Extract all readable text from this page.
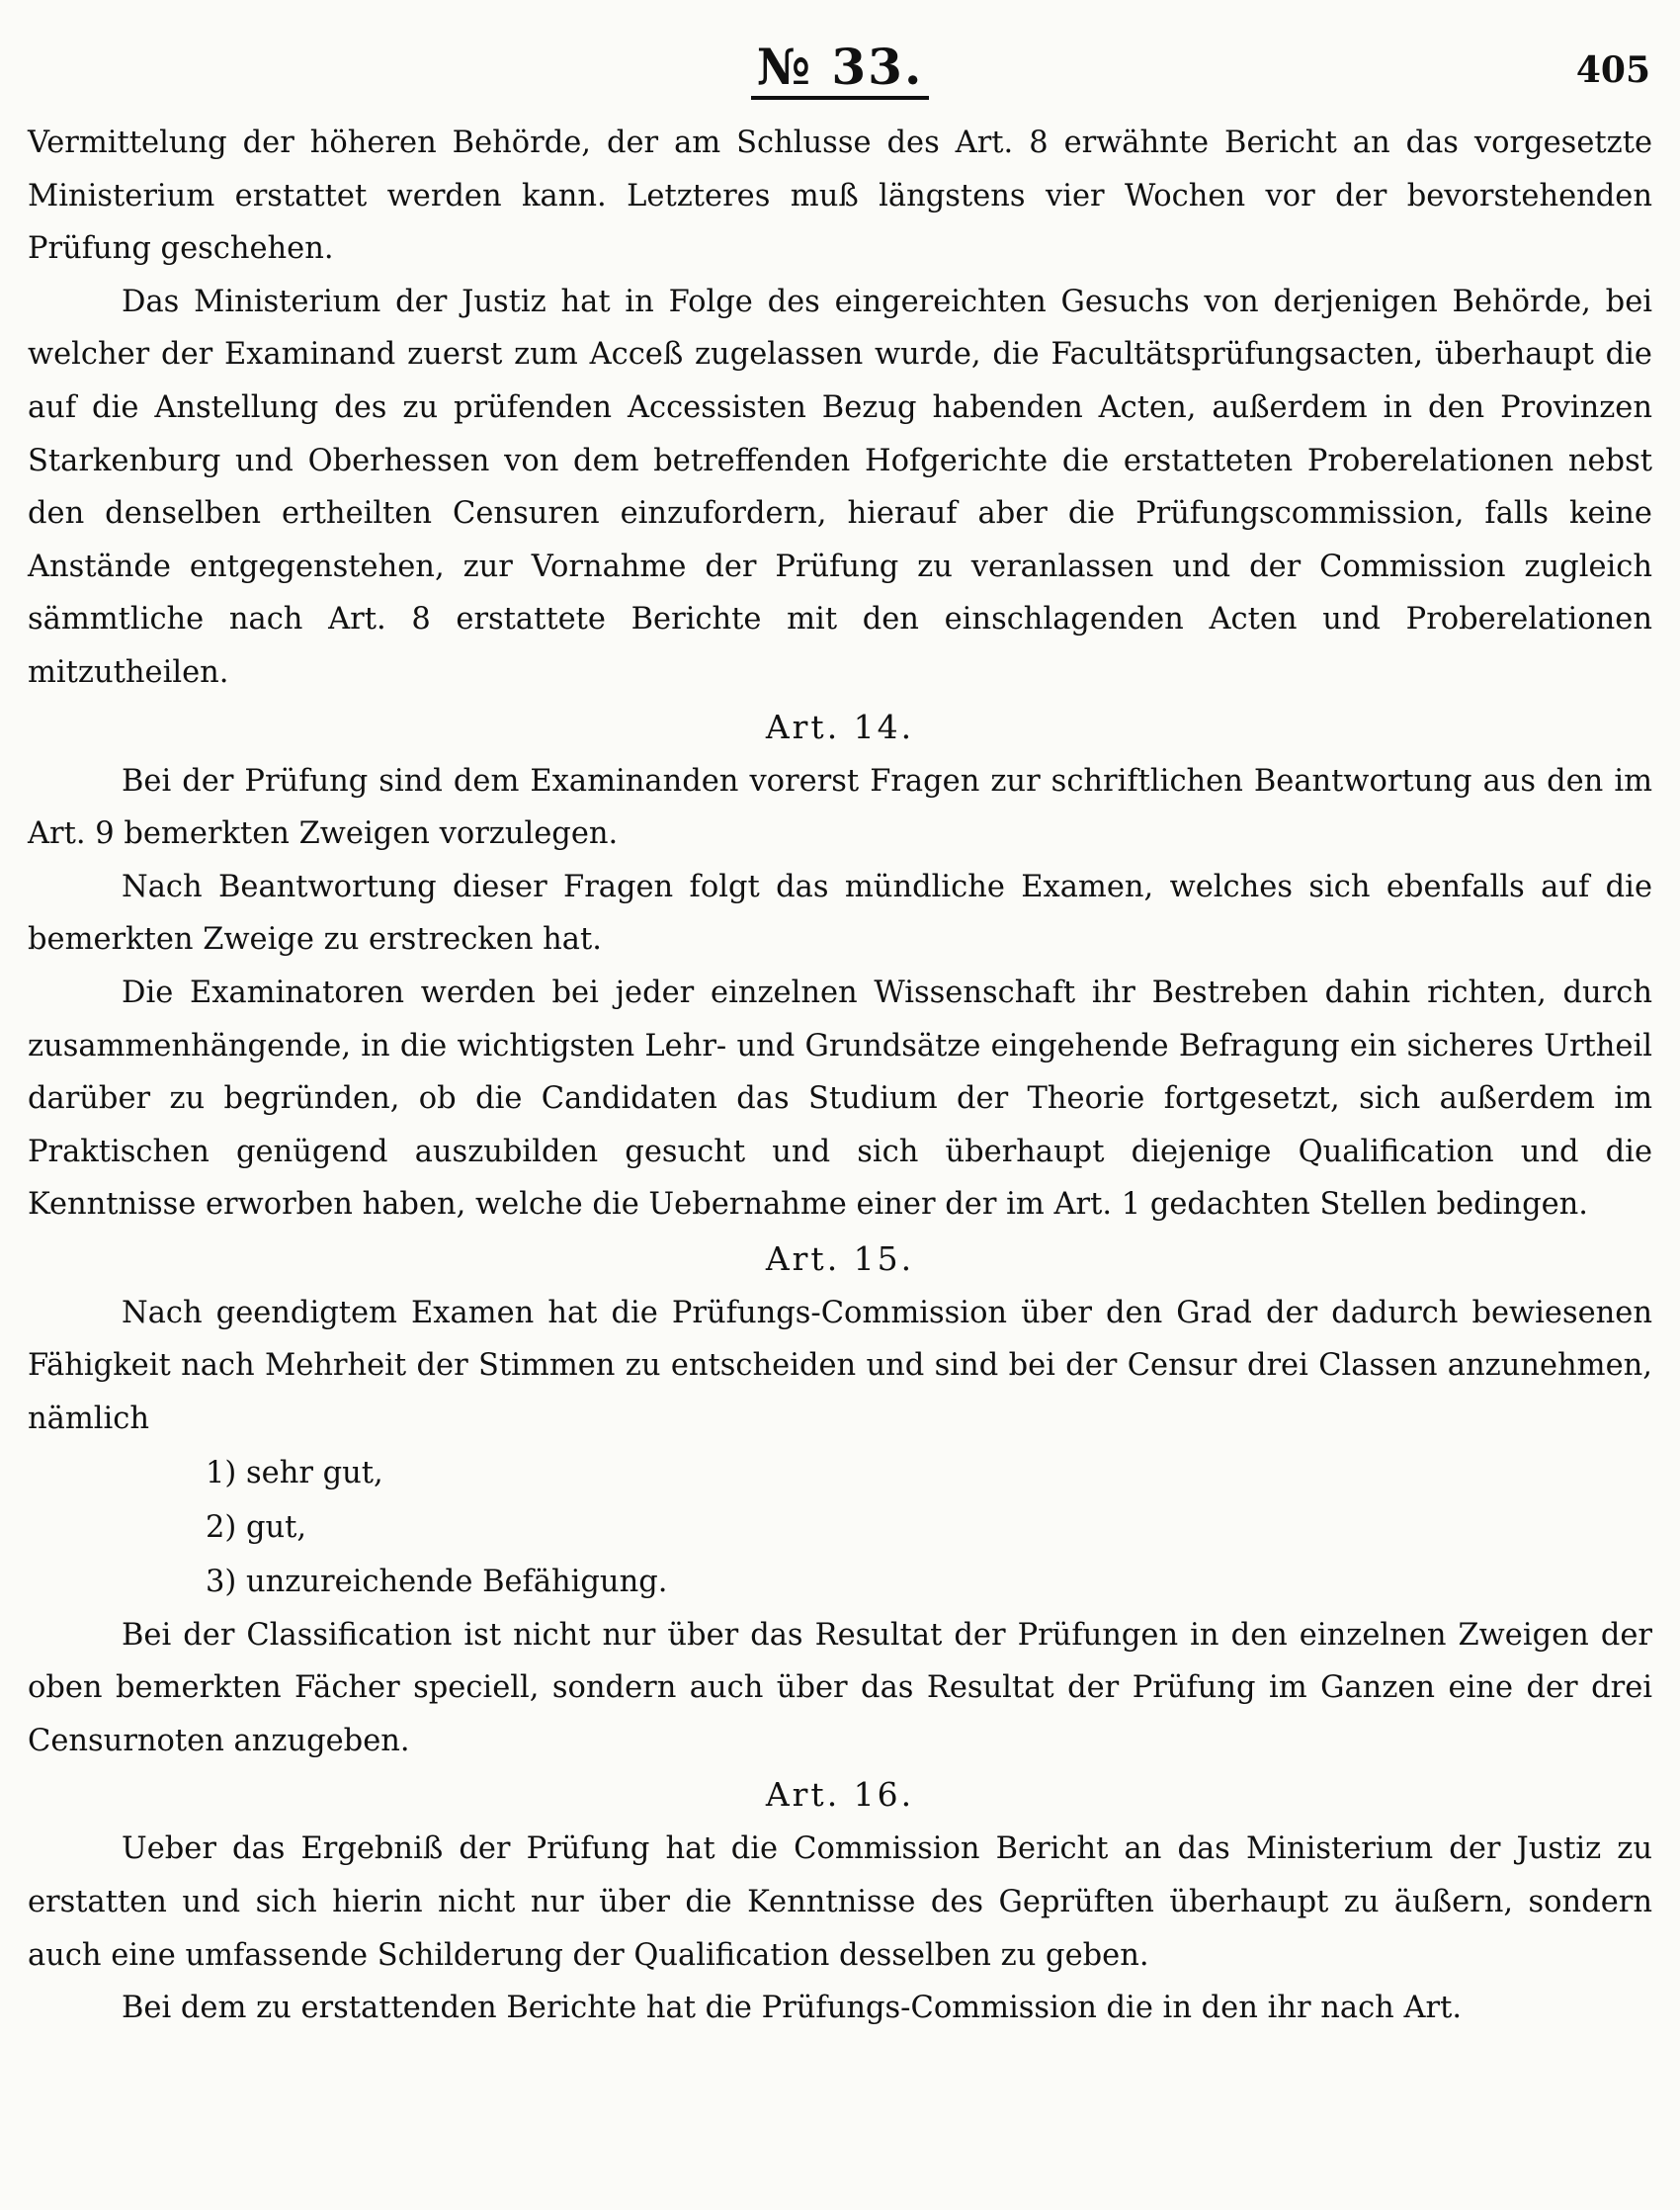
№ 33.	405

Vermittelung der höheren Behörde, der am Schlusse des Art. 8 erwähnte Bericht an das vorgesetzte Ministerium erstattet werden kann. Letzteres muß längstens vier Wochen vor der bevorstehenden Prüfung geschehen.

Das Ministerium der Justiz hat in Folge des eingereichten Gesuchs von derjenigen Behörde, bei welcher der Examinand zuerst zum Acceß zugelassen wurde, die Facultätsprüfungsacten, überhaupt die auf die Anstellung des zu prüfenden Accessisten Bezug habenden Acten, außerdem in den Provinzen Starkenburg und Oberhessen von dem betreffenden Hofgerichte die erstatteten Proberelationen nebst den denselben ertheilten Censuren einzufordern, hierauf aber die Prüfungscommission, falls keine Anstände entgegenstehen, zur Vornahme der Prüfung zu veranlassen und der Commission zugleich sämmtliche nach Art. 8 erstattete Berichte mit den einschlagenden Acten und Proberelationen mitzutheilen.

Art. 14.

Bei der Prüfung sind dem Examinanden vorerst Fragen zur schriftlichen Beantwortung aus den im Art. 9 bemerkten Zweigen vorzulegen.

Nach Beantwortung dieser Fragen folgt das mündliche Examen, welches sich ebenfalls auf die bemerkten Zweige zu erstrecken hat.

Die Examinatoren werden bei jeder einzelnen Wissenschaft ihr Bestreben dahin richten, durch zusammenhängende, in die wichtigsten Lehr- und Grundsätze eingehende Befragung ein sicheres Urtheil darüber zu begründen, ob die Candidaten das Studium der Theorie fortgesetzt, sich außerdem im Praktischen genügend auszubilden gesucht und sich überhaupt diejenige Qualification und die Kenntnisse erworben haben, welche die Uebernahme einer der im Art. 1 gedachten Stellen bedingen.

Art. 15.

Nach geendigtem Examen hat die Prüfungs-Commission über den Grad der dadurch bewiesenen Fähigkeit nach Mehrheit der Stimmen zu entscheiden und sind bei der Censur drei Classen anzunehmen, nämlich

1) sehr gut,
2) gut,
3) unzureichende Befähigung.

Bei der Classification ist nicht nur über das Resultat der Prüfungen in den einzelnen Zweigen der oben bemerkten Fächer speciell, sondern auch über das Resultat der Prüfung im Ganzen eine der drei Censurnoten anzugeben.

Art. 16.

Ueber das Ergebniß der Prüfung hat die Commission Bericht an das Ministerium der Justiz zu erstatten und sich hierin nicht nur über die Kenntnisse des Geprüften überhaupt zu äußern, sondern auch eine umfassende Schilderung der Qualification desselben zu geben.

Bei dem zu erstattenden Berichte hat die Prüfungs-Commission die in den ihr nach Art.
